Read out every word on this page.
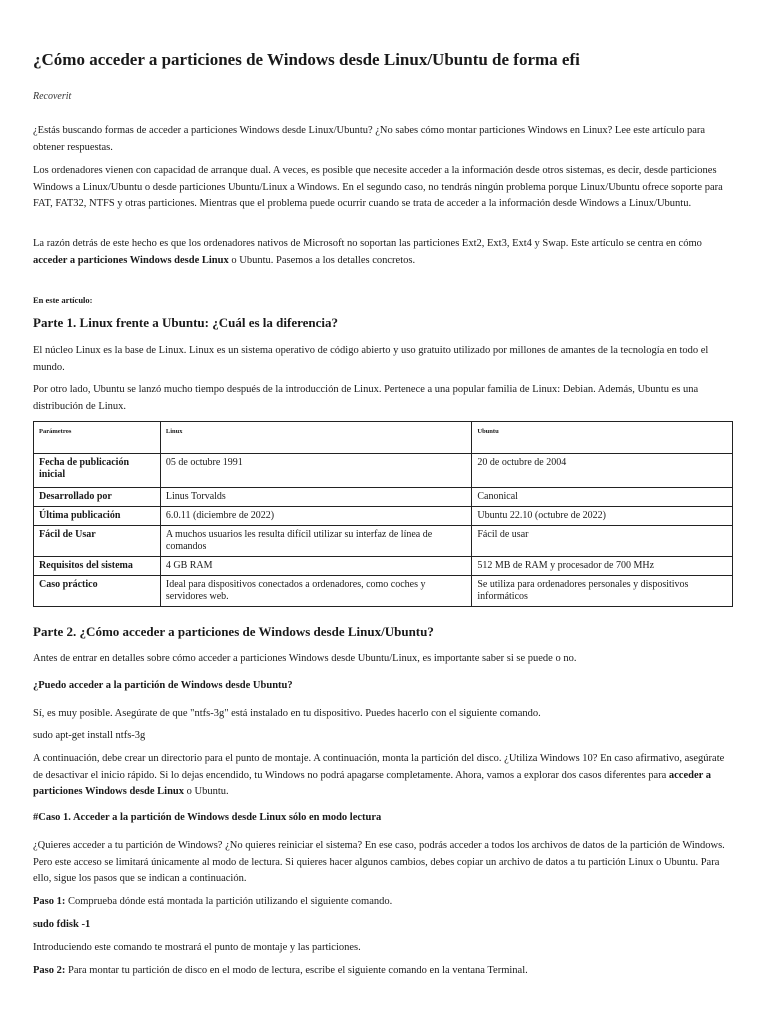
¿Cómo acceder a particiones de Windows desde Linux/Ubuntu de forma efi

Recoverit

¿Estás buscando formas de acceder a particiones Windows desde Linux/Ubuntu? ¿No sabes cómo montar particiones Windows en Linux? Lee este artículo para obtener respuestas.

Los ordenadores vienen con capacidad de arranque dual. A veces, es posible que necesite acceder a la información desde otros sistemas, es decir, desde particiones Windows a Linux/Ubuntu o desde particiones Ubuntu/Linux a Windows. En el segundo caso, no tendrás ningún problema porque Linux/Ubuntu ofrece soporte para FAT, FAT32, NTFS y otras particiones. Mientras que el problema puede ocurrir cuando se trata de acceder a la información desde Windows a Linux/Ubuntu.

La razón detrás de este hecho es que los ordenadores nativos de Microsoft no soportan las particiones Ext2, Ext3, Ext4 y Swap. Este artículo se centra en cómo acceder a particiones Windows desde Linux o Ubuntu. Pasemos a los detalles concretos.

En este artículo:

Parte 1. Linux frente a Ubuntu: ¿Cuál es la diferencia?

El núcleo Linux es la base de Linux. Linux es un sistema operativo de código abierto y uso gratuito utilizado por millones de amantes de la tecnología en todo el mundo.

Por otro lado, Ubuntu se lanzó mucho tiempo después de la introducción de Linux. Pertenece a una popular familia de Linux: Debian. Además, Ubuntu es una distribución de Linux.

Parámetros	Linux	Ubuntu
Fecha de publicación inicial	05 de octubre 1991	20 de octubre de 2004
Desarrollado por	Linus Torvalds	Canonical
Última publicación	6.0.11 (diciembre de 2022)	Ubuntu 22.10 (octubre de 2022)
Fácil de Usar	A muchos usuarios les resulta difícil utilizar su interfaz de línea de comandos	Fácil de usar
Requisitos del sistema	4 GB RAM	512 MB de RAM y procesador de 700 MHz
Caso práctico	Ideal para dispositivos conectados a ordenadores, como coches y servidores web.	Se utiliza para ordenadores personales y dispositivos informáticos
Parte 2. ¿Cómo acceder a particiones de Windows desde Linux/Ubuntu?

Antes de entrar en detalles sobre cómo acceder a particiones Windows desde Ubuntu/Linux, es importante saber si se puede o no.

¿Puedo acceder a la partición de Windows desde Ubuntu?

Sí, es muy posible. Asegúrate de que "ntfs-3g" está instalado en tu dispositivo. Puedes hacerlo con el siguiente comando.

sudo apt-get install ntfs-3g

A continuación, debe crear un directorio para el punto de montaje. A continuación, monta la partición del disco. ¿Utiliza Windows 10? En caso afirmativo, asegúrate de desactivar el inicio rápido. Si lo dejas encendido, tu Windows no podrá apagarse completamente. Ahora, vamos a explorar dos casos diferentes para acceder a particiones Windows desde Linux o Ubuntu.

#Caso 1. Acceder a la partición de Windows desde Linux sólo en modo lectura

¿Quieres acceder a tu partición de Windows? ¿No quieres reiniciar el sistema? En ese caso, podrás acceder a todos los archivos de datos de la partición de Windows. Pero este acceso se limitará únicamente al modo de lectura. Si quieres hacer algunos cambios, debes copiar un archivo de datos a tu partición Linux o Ubuntu. Para ello, sigue los pasos que se indican a continuación.

Paso 1: Comprueba dónde está montada la partición utilizando el siguiente comando.

sudo fdisk -1

Introduciendo este comando te mostrará el punto de montaje y las particiones.

Paso 2: Para montar tu partición de disco en el modo de lectura, escribe el siguiente comando en la ventana Terminal.
